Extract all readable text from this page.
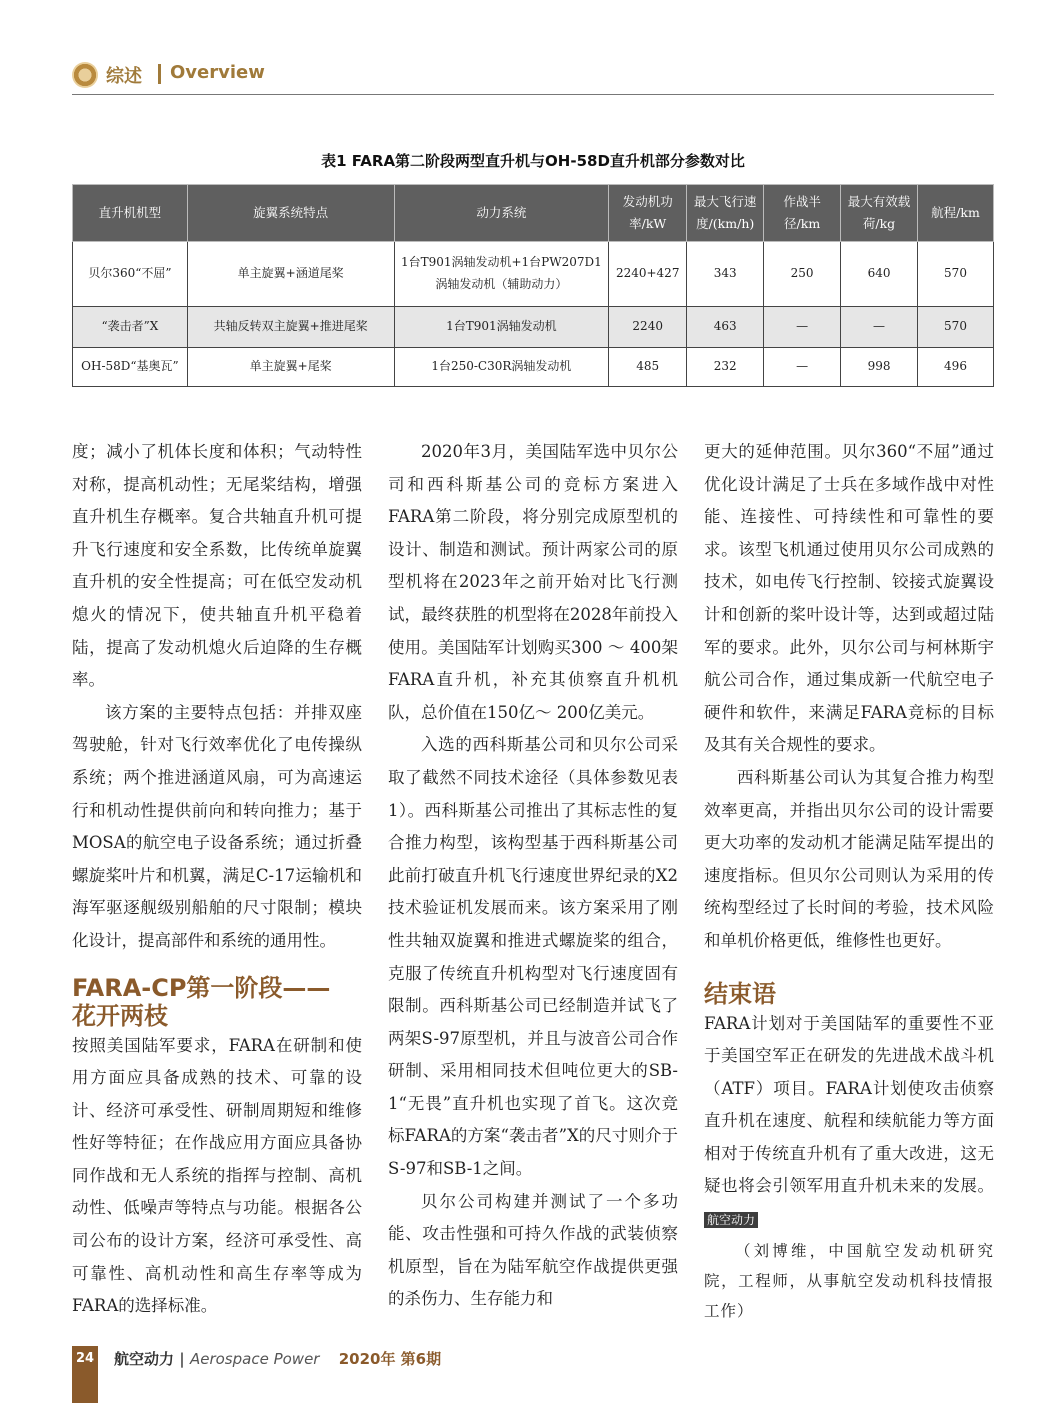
综述 Overview
表1 FARA第二阶段两型直升机与OH-58D直升机部分参数对比
直升机机型	旋翼系统特点	动力系统	发动机功率/kW	最大飞行速度/(km/h)	作战半径/km	最大有效载荷/kg	航程/km
贝尔360“不屈”	单主旋翼+涵道尾桨	1台T901涡轴发动机+1台PW207D1涡轴发动机（辅助动力）	2240+427	343	250	640	570
“袭击者”X	共轴反转双主旋翼+推进尾桨	1台T901涡轴发动机	2240	463	—	—	570
OH-58D“基奥瓦”	单主旋翼+尾桨	1台250-C30R涡轴发动机	485	232	—	998	496

度；减小了机体长度和体积；气动特性对称，提高机动性；无尾桨结构，增强直升机生存概率。复合共轴直升机可提升飞行速度和安全系数，比传统单旋翼直升机的安全性提高；可在低空发动机熄火的情况下，使共轴直升机平稳着陆，提高了发动机熄火后迫降的生存概率。

该方案的主要特点包括：并排双座驾驶舱，针对飞行效率优化了电传操纵系统；两个推进涵道风扇，可为高速运行和机动性提供前向和转向推力；基于MOSA的航空电子设备系统；通过折叠螺旋桨叶片和机翼，满足C-17运输机和海军驱逐舰级别船舶的尺寸限制；模块化设计，提高部件和系统的通用性。

FARA-CP第一阶段——
花开两枝

按照美国陆军要求，FARA在研制和使用方面应具备成熟的技术、可靠的设计、经济可承受性、研制周期短和维修性好等特征；在作战应用方面应具备协同作战和无人系统的指挥与控制、高机动性、低噪声等特点与功能。根据各公司公布的设计方案，经济可承受性、高可靠性、高机动性和高生存率等成为FARA的选择标准。

2020年3月，美国陆军选中贝尔公司和西科斯基公司的竞标方案进入FARA第二阶段，将分别完成原型机的设计、制造和测试。预计两家公司的原型机将在2023年之前开始对比飞行测试，最终获胜的机型将在2028年前投入使用。美国陆军计划购买300 ～ 400架FARA直升机，补充其侦察直升机机队，总价值在150亿～ 200亿美元。

入选的西科斯基公司和贝尔公司采取了截然不同技术途径（具体参数见表1）。西科斯基公司推出了其标志性的复合推力构型，该构型基于西科斯基公司此前打破直升机飞行速度世界纪录的X2技术验证机发展而来。该方案采用了刚性共轴双旋翼和推进式螺旋桨的组合，克服了传统直升机构型对飞行速度固有限制。西科斯基公司已经制造并试飞了两架S-97原型机，并且与波音公司合作研制、采用相同技术但吨位更大的SB-1“无畏”直升机也实现了首飞。这次竞标FARA的方案“袭击者”X的尺寸则介于S-97和SB-1之间。

贝尔公司构建并测试了一个多功能、攻击性强和可持久作战的武装侦察机原型，旨在为陆军航空作战提供更强的杀伤力、生存能力和

更大的延伸范围。贝尔360“不屈”通过优化设计满足了士兵在多域作战中对性能、连接性、可持续性和可靠性的要求。该型飞机通过使用贝尔公司成熟的技术，如电传飞行控制、铰接式旋翼设计和创新的桨叶设计等，达到或超过陆军的要求。此外，贝尔公司与柯林斯宇航公司合作，通过集成新一代航空电子硬件和软件，来满足FARA竞标的目标及其有关合规性的要求。

西科斯基公司认为其复合推力构型效率更高，并指出贝尔公司的设计需要更大功率的发动机才能满足陆军提出的速度指标。但贝尔公司则认为采用的传统构型经过了长时间的考验，技术风险和单机价格更低，维修性也更好。

结束语

FARA计划对于美国陆军的重要性不亚于美国空军正在研发的先进战术战斗机（ATF）项目。FARA计划使攻击侦察直升机在速度、航程和续航能力等方面相对于传统直升机有了重大改进，这无疑也将会引领军用直升机未来的发展。 航空动力

（刘博维，中国航空发动机研究院，工程师，从事航空发动机科技情报工作）

24 航空动力 | Aerospace Power 2020年 第6期
